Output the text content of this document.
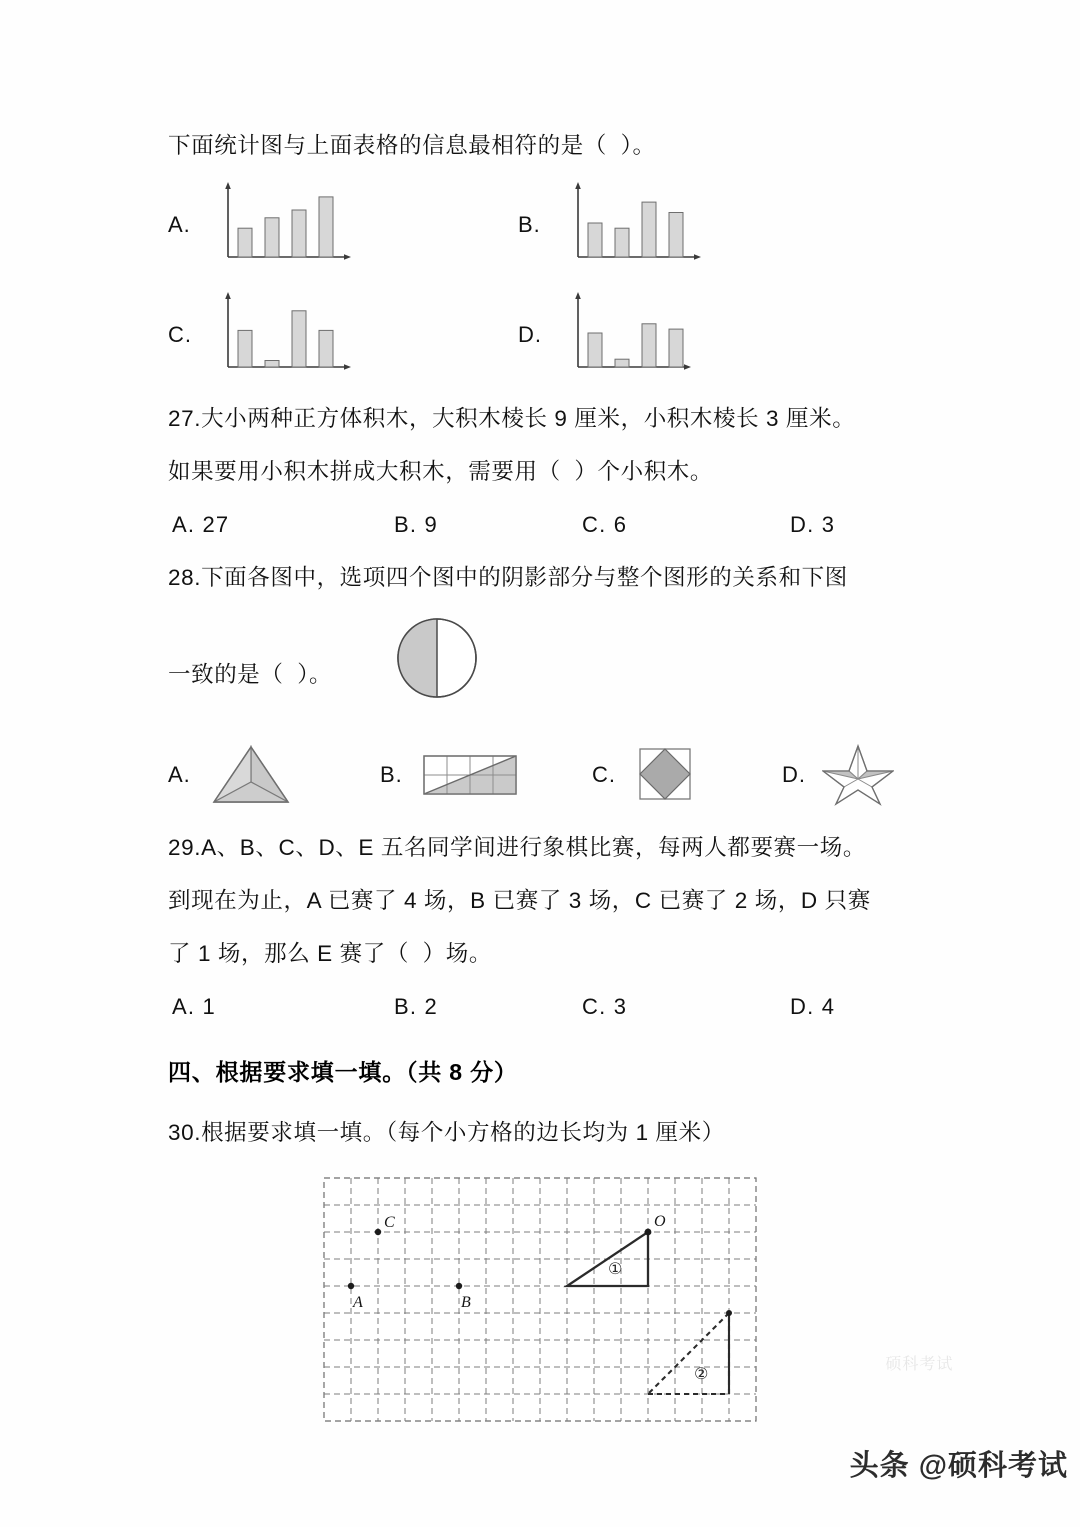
下面统计图与上面表格的信息最相符的是（  ）。
A.	B.
C.	D.
27.大小两种正方体积木，大积木棱长 9 厘米，小积木棱长 3 厘米。
如果要用小积木拼成大积木，需要用（  ）个小积木。
A. 27	B. 9	C. 6	D. 3
28.下面各图中，选项四个图中的阴影部分与整个图形的关系和下图
一致的是（  ）。
A.	B.	C.	D.
29.A、B、C、D、E 五名同学间进行象棋比赛，每两人都要赛一场。
到现在为止，A 已赛了 4 场，B 已赛了 3 场，C 已赛了 2 场，D 只赛
了 1 场，那么 E 赛了（  ）场。
A. 1	B. 2	C. 3	D. 4
四、根据要求填一填。（共 8 分）
30.根据要求填一填。（每个小方格的边长均为 1 厘米）
A	B
C	O
①
②

	硕科考试

头条 @硕科考试
